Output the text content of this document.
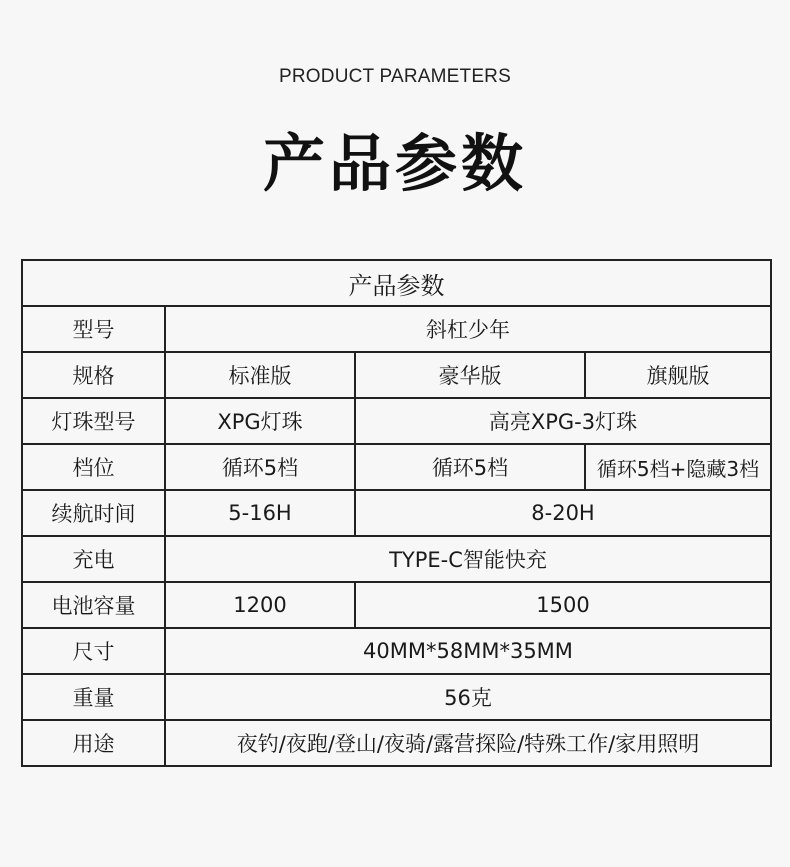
PRODUCT PARAMETERS
产品参数
产品参数			
型号	斜杠少年		
规格	标准版	豪华版	旗舰版
灯珠型号	XPG灯珠	高亮XPG-3灯珠	
档位	循环5档	循环5档	循环5档+隐藏3档
续航时间	5-16H	8-20H	
充电	TYPE-C智能快充		
电池容量	1200	1500	
尺寸	40MM*58MM*35MM		
重量	56克		
用途	夜钓/夜跑/登山/夜骑/露营探险/特殊工作/家用照明		
